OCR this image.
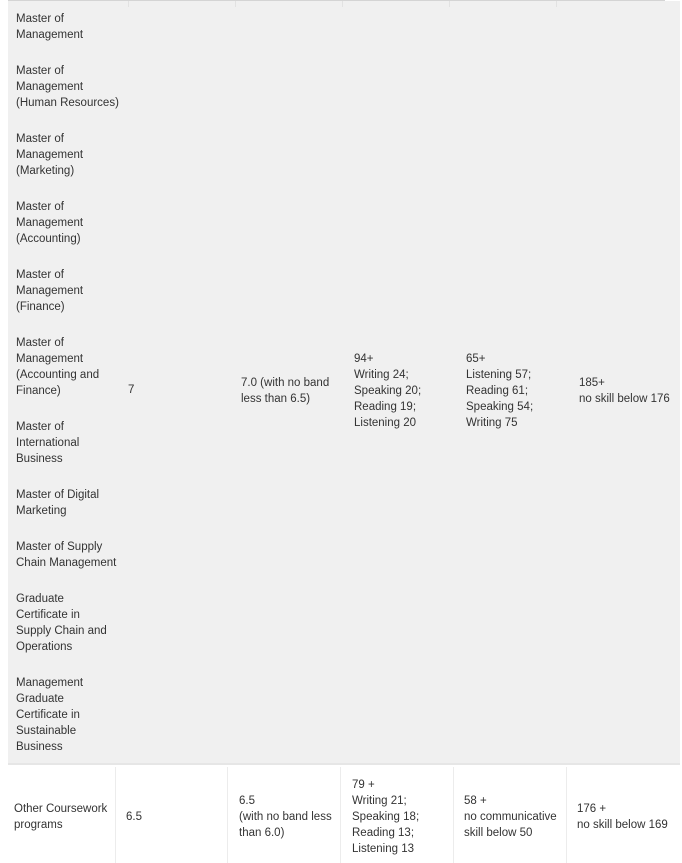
Master of
Management
Master of
Management
(Human Resources)
Master of
Management
(Marketing)
Master of
Management
(Accounting)
Master of
Management
(Finance)
Master of
Management
(Accounting and
Finance)
Master of
International
Business
Master of Digital
Marketing
Master of Supply
Chain Management
Graduate
Certificate in
Supply Chain and
Operations
Management
Graduate
Certificate in
Sustainable
Business
7
7.0 (with no band
less than 6.5)
94+
Writing 24;
Speaking 20;
Reading 19;
Listening 20
65+
Listening 57;
Reading 61;
Speaking 54;
Writing 75
185+
no skill below 176
Other Coursework
programs
6.5
6.5
(with no band less
than 6.0)
79 +
Writing 21;
Speaking 18;
Reading 13;
Listening 13
58 +
no communicative
skill below 50
176 +
no skill below 169
